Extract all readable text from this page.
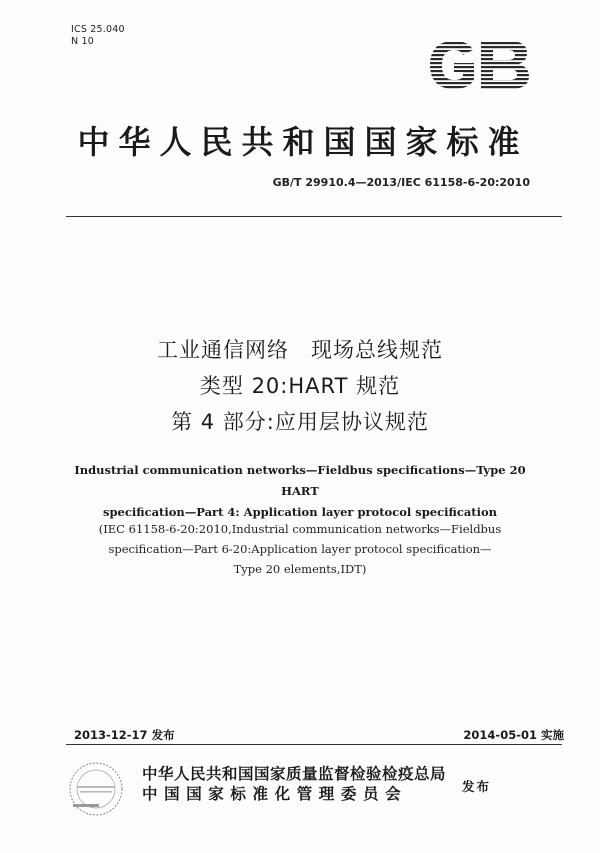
ICS 25.040
N 10
中华人民共和国国家标准
GB/T 29910.4—2013/IEC 61158-6-20:2010
工业通信网络　现场总线规范
类型 20:HART 规范
第 4 部分:应用层协议规范
Industrial communication networks—Fieldbus specifications—Type 20 HART
specification—Part 4: Application layer protocol specification
(IEC 61158-6-20:2010,Industrial communication networks—Fieldbus
specification—Part 6-20:Application layer protocol specification—
Type 20 elements,IDT)
2013-12-17 发布	2014-05-01 实施
中华人民共和国国家质量监督检验检疫总局
中国国家标准化管理委员会	发布
